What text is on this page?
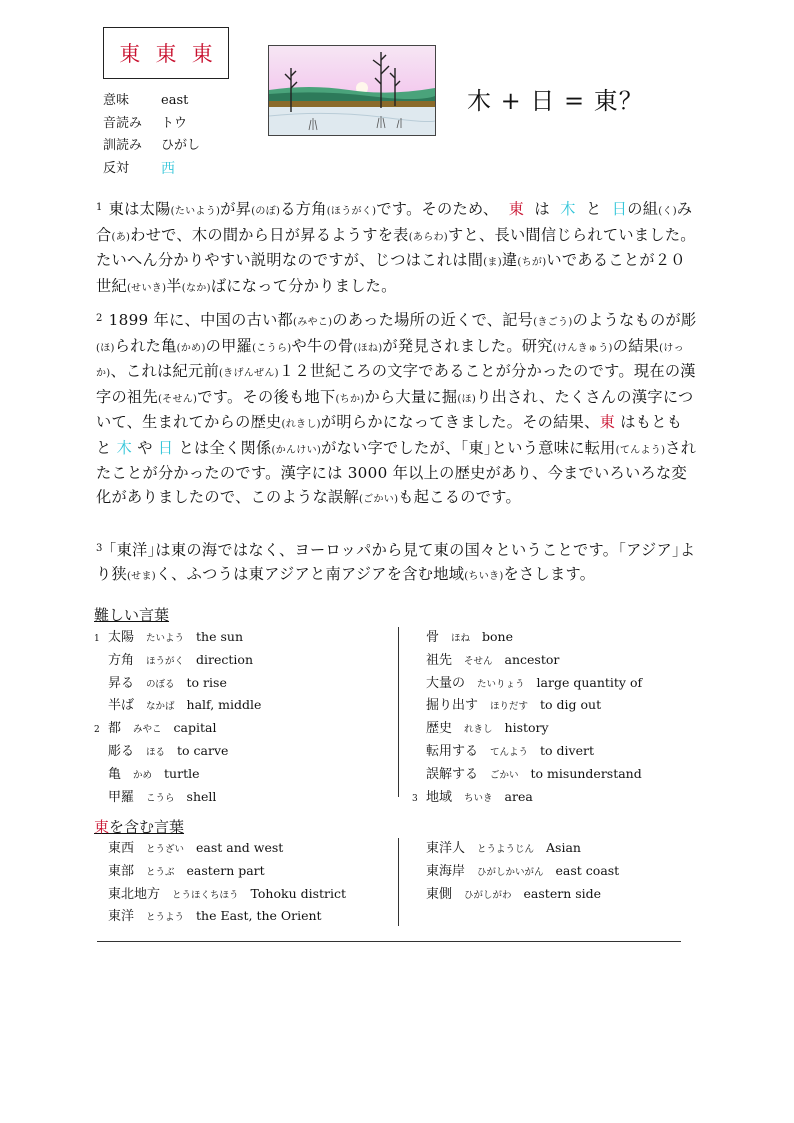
東 東 東
意味	east
音読み	トウ
訓読み	ひがし
反対	西
木 + 日 = 東？
$^1$ 東は太陽(たいよう)が昇(のぼ)る方角(ほうがく)です。そのため、 東 は 木 と 日の組(く)み合(あ)わせで、木の間から日が昇るようすを表(あらわ)すと、長い間信じられていました。たいへん分かりやすい説明なのですが、じつはこれは間(ま)違(ちが)いであることが２０世紀(せいき)半(なか)ばになって分かりました。
$^2$ 1899 年に、中国の古い都(みやこ)のあった場所の近くで、記号(きごう)のようなものが彫(ほ)られた亀(かめ)の甲羅(こうら)や牛の骨(ほね)が発見されました。研究(けんきゅう)の結果(けっか)、これは紀元前(きげんぜん)１２世紀ころの文字であることが分かったのです。現在の漢字の祖先(そせん)です。その後も地下(ちか)から大量に掘(ほ)り出され、たくさんの漢字について、生まれてからの歴史(れきし)が明らかになってきました。その結果、東 はもともと 木 や 日 とは全く関係(かんけい)がない字でしたが、｢東｣という意味に転用(てんよう)されたことが分かったのです。漢字には 3000 年以上の歴史があり、今までいろいろな変化がありましたので、このような誤解(ごかい)も起こるのです。
$^3$ ｢東洋｣は東の海ではなく、ヨーロッパから見て東の国々ということです。｢アジア｣より狭(せま)く、ふつうは東アジアと南アジアを含む地域(ちいき)をさします。
難しい言葉
1 太陽 たいよう the sun
方角 ほうがく direction
昇る のぼる to rise
半ば なかば half, middle
2 都 みやこ capital
彫る ほる to carve
亀 かめ turtle
甲羅 こうら shell
骨 ほね bone
祖先 そせん ancestor
大量の たいりょう large quantity of
掘り出す ほりだす to dig out
歴史 れきし history
転用する てんよう to divert
誤解する ごかい to misunderstand
3 地域 ちいき area
東を含む言葉
東西 とうざい east and west
東部 とうぶ eastern part
東北地方 とうほくちほう Tohoku district
東洋 とうよう the East, the Orient
東洋人 とうようじん Asian
東海岸 ひがしかいがん east coast
東側 ひがしがわ eastern side
